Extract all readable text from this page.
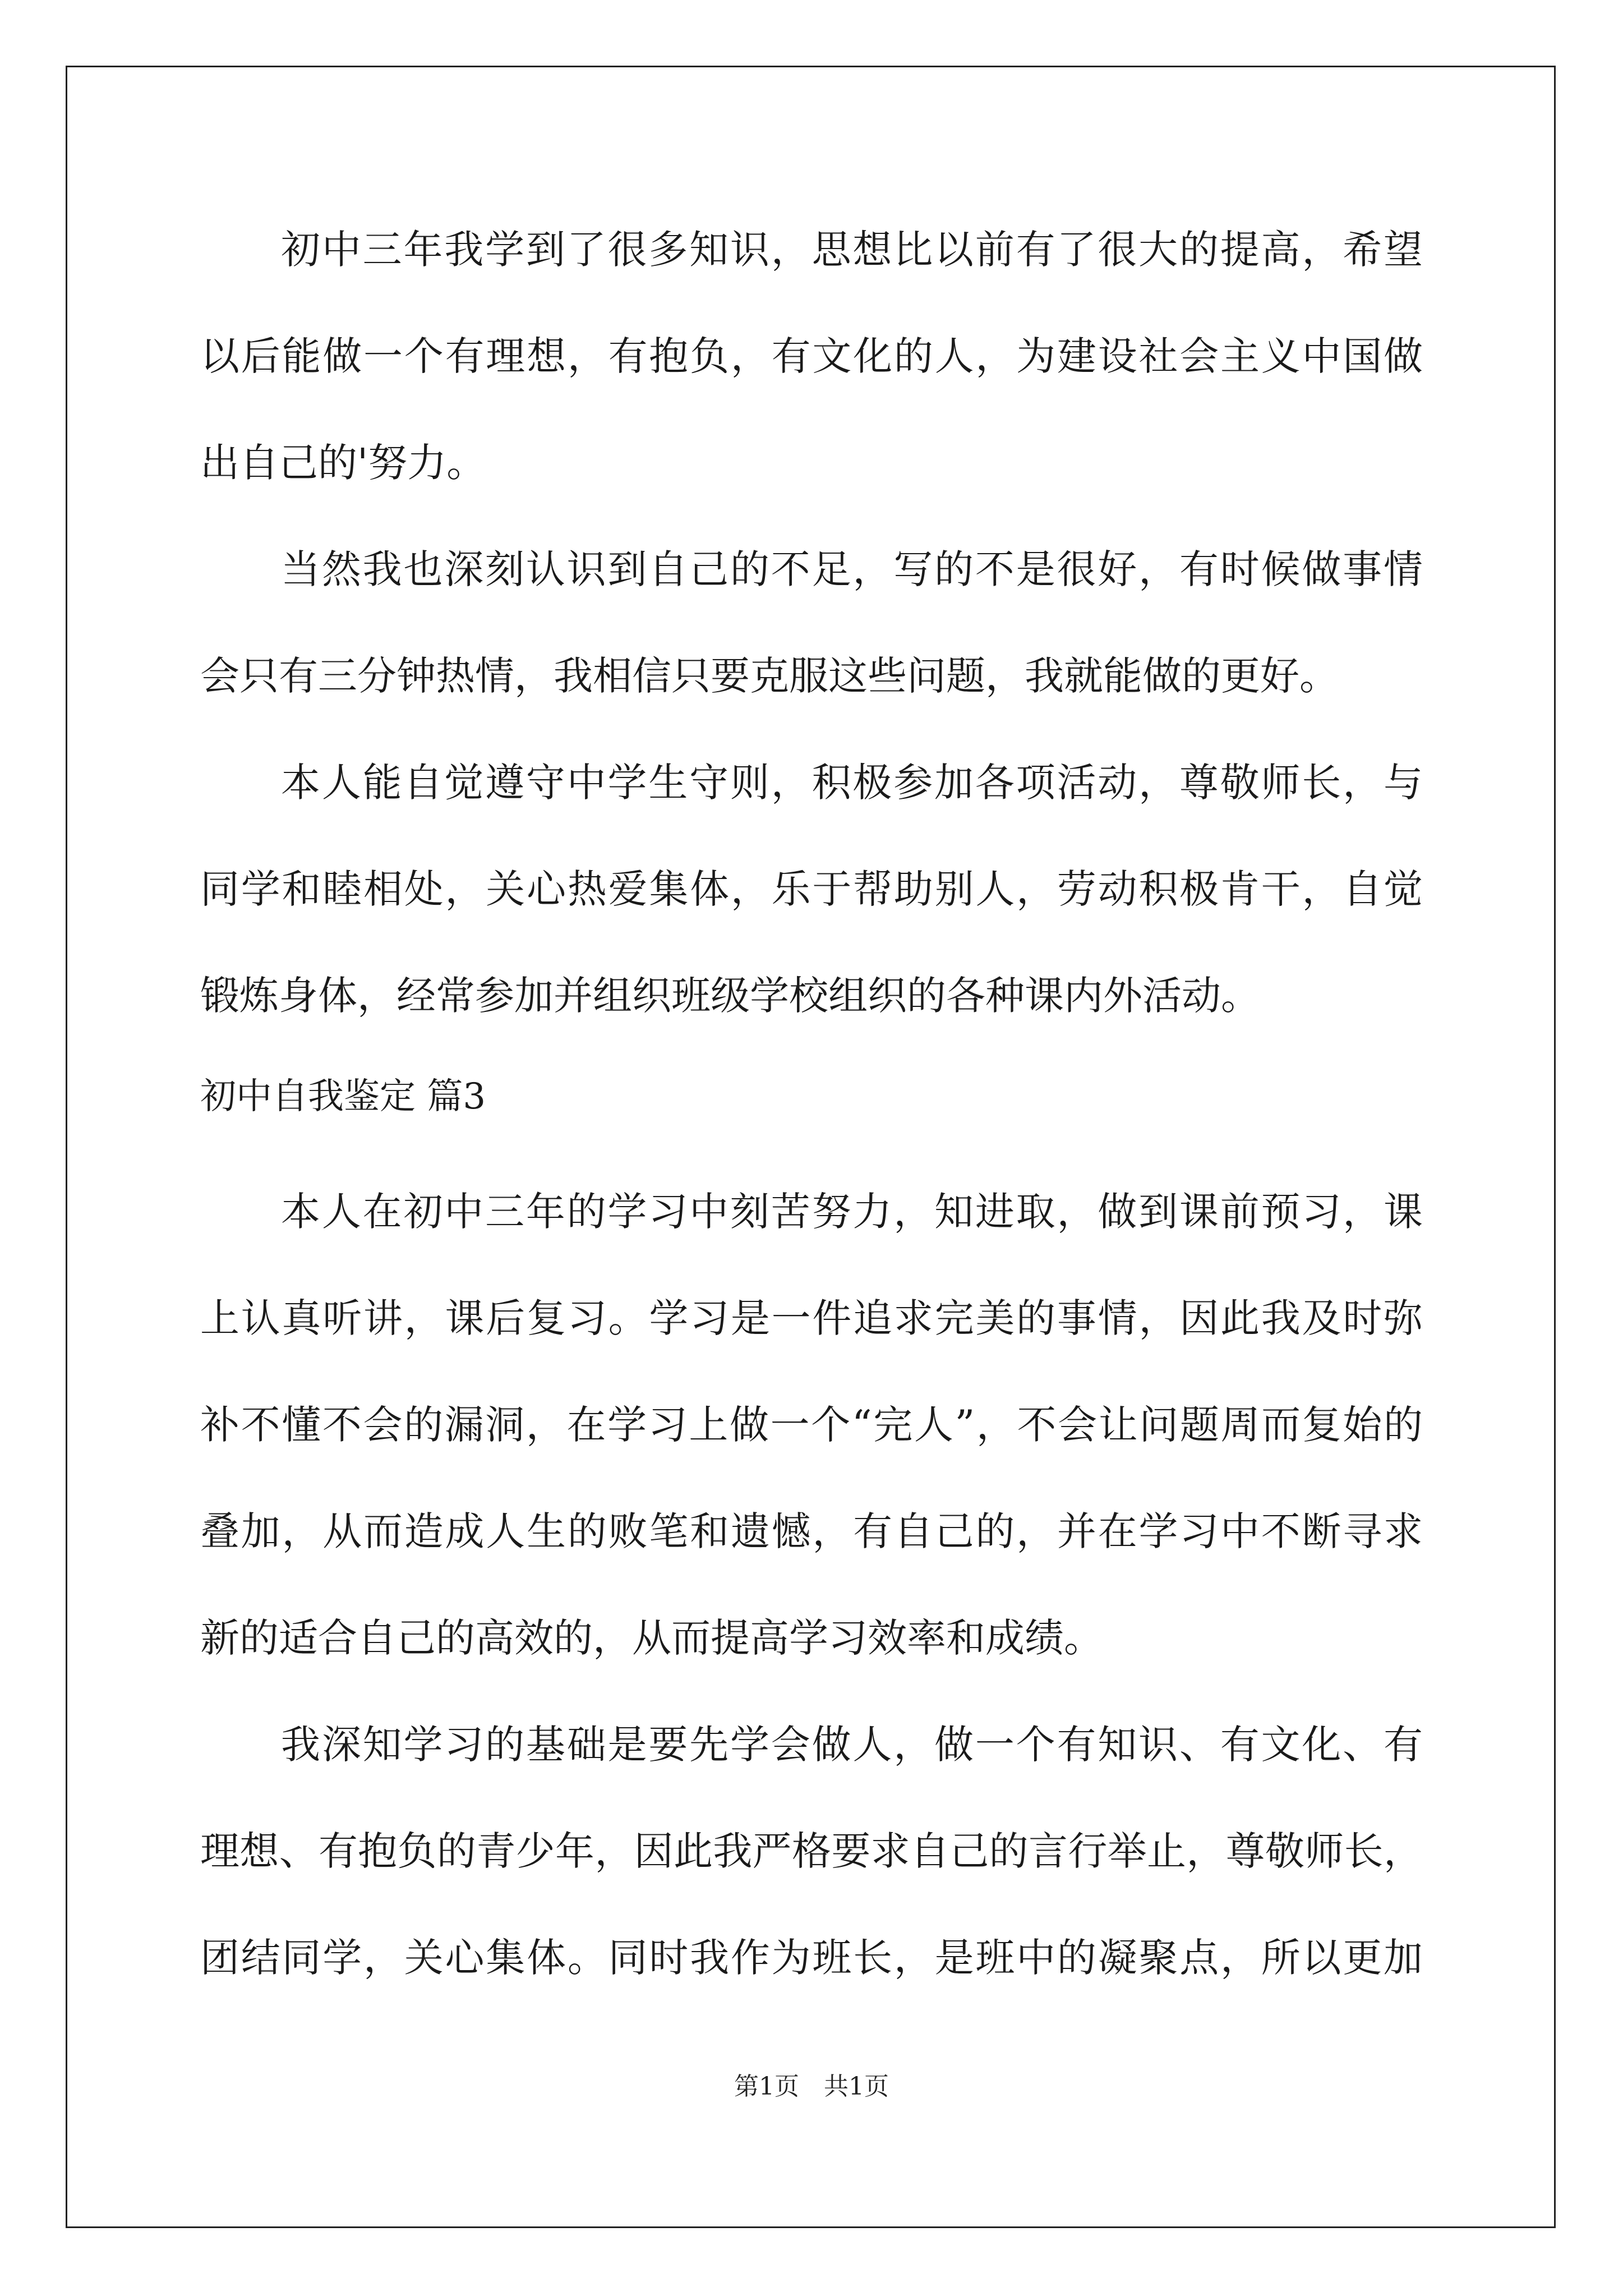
初中三年我学到了很多知识，思想比以前有了很大的提高，希望
以后能做一个有理想，有抱负，有文化的人，为建设社会主义中国做
出自己的'努力。
当然我也深刻认识到自己的不足，写的不是很好，有时候做事情
会只有三分钟热情，我相信只要克服这些问题，我就能做的更好。
本人能自觉遵守中学生守则，积极参加各项活动，尊敬师长，与
同学和睦相处，关心热爱集体，乐于帮助别人，劳动积极肯干，自觉
锻炼身体，经常参加并组织班级学校组织的各种课内外活动。
初中自我鉴定 篇3
本人在初中三年的学习中刻苦努力，知进取，做到课前预习，课
上认真听讲，课后复习。学习是一件追求完美的事情，因此我及时弥
补不懂不会的漏洞，在学习上做一个“完人”，不会让问题周而复始的
叠加，从而造成人生的败笔和遗憾，有自己的，并在学习中不断寻求
新的适合自己的高效的，从而提高学习效率和成绩。
我深知学习的基础是要先学会做人，做一个有知识、有文化、有
理想、有抱负的青少年，因此我严格要求自己的言行举止，尊敬师长，
团结同学，关心集体。同时我作为班长，是班中的凝聚点，所以更加
第1页　共1页
